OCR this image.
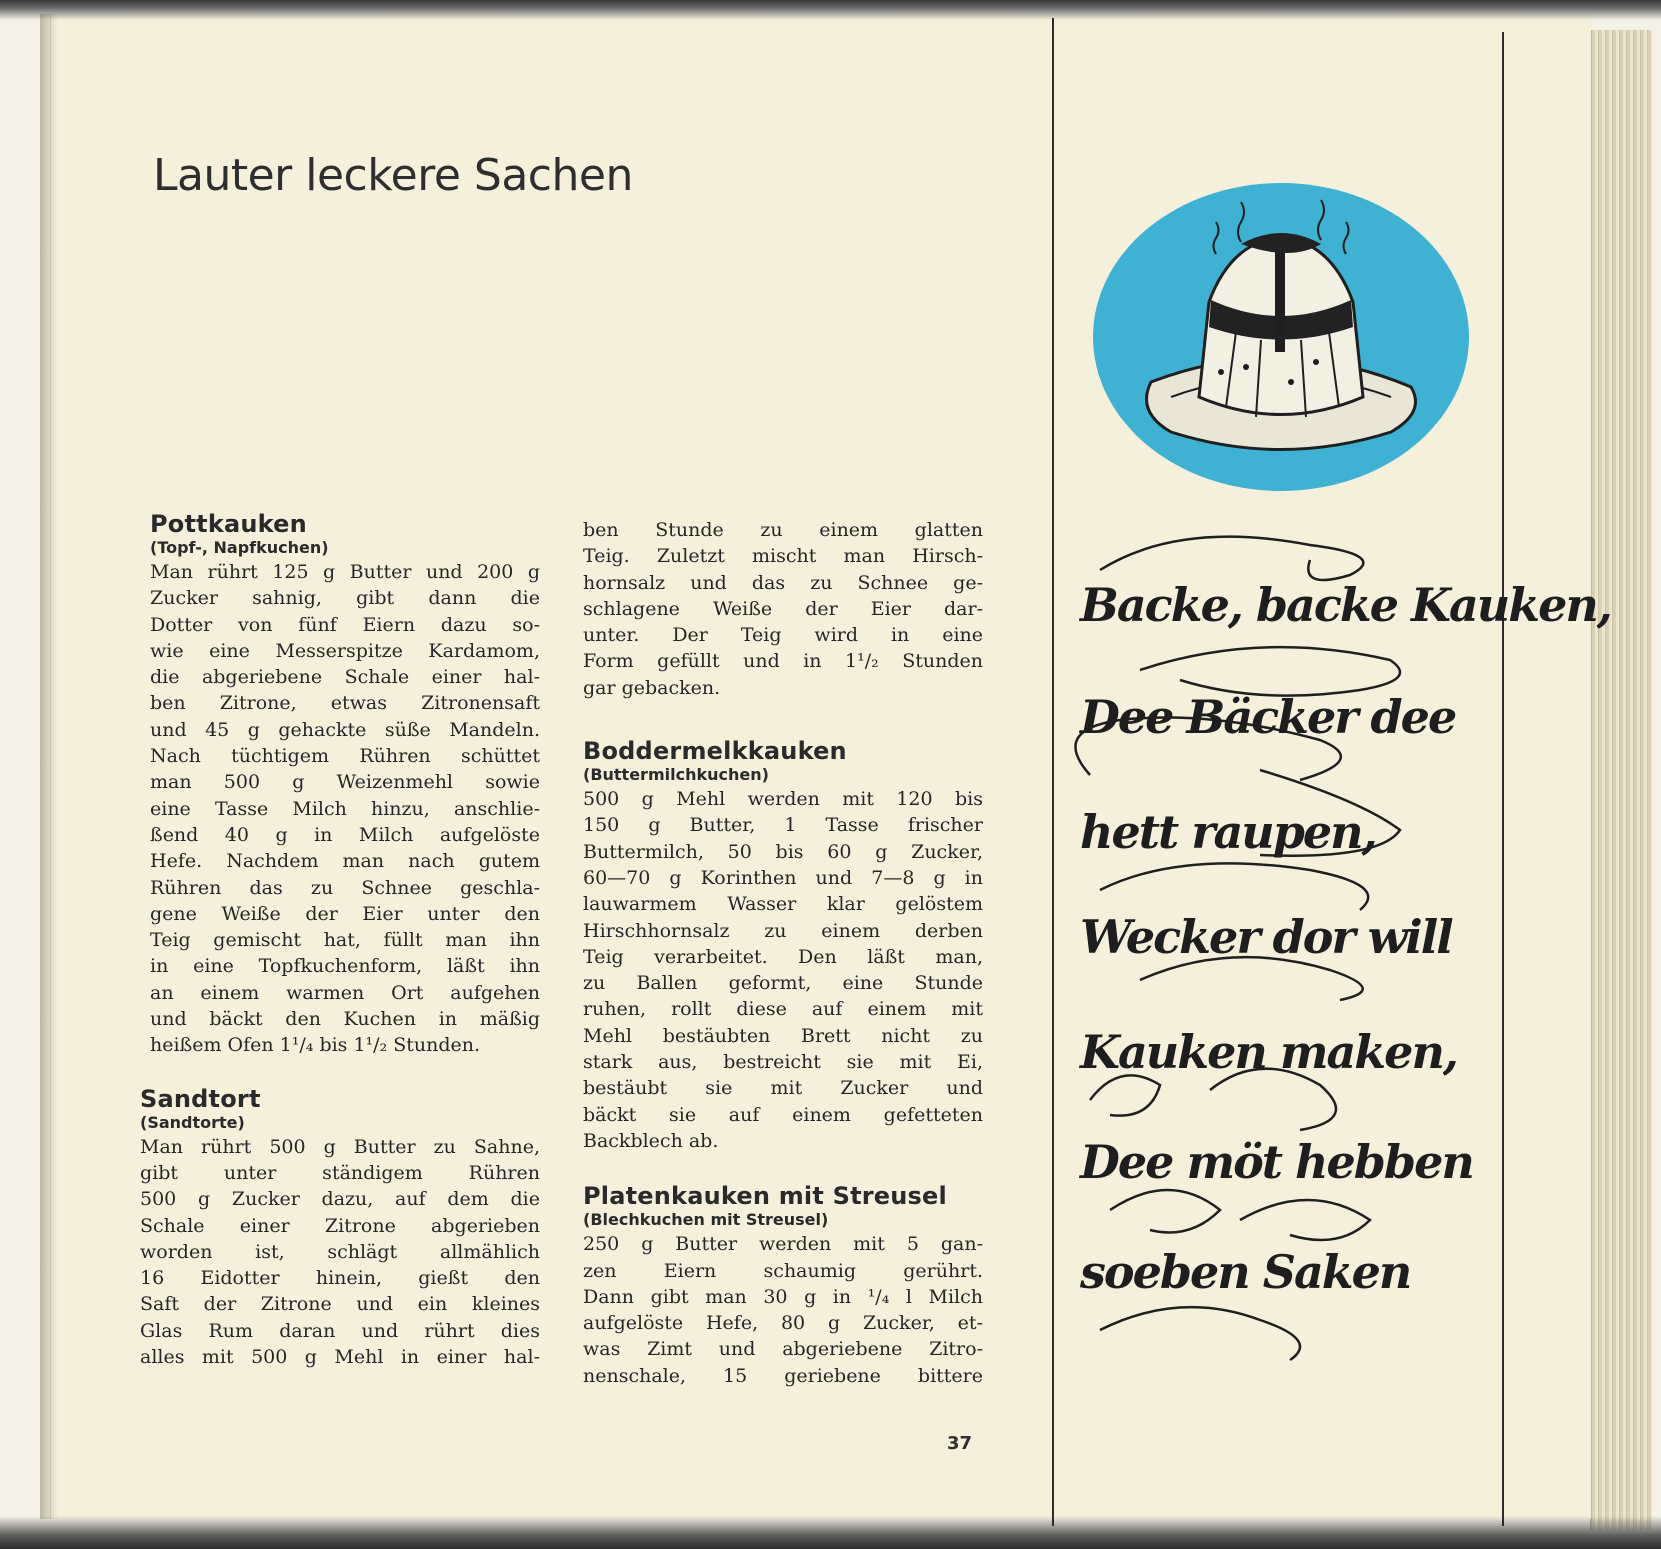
Lauter leckere Sachen
Pottkauken
(Topf-, Napfkuchen)

Man rührt 125 g Butter und 200 g

Zucker sahnig, gibt dann die

Dotter von fünf Eiern dazu so-

wie eine Messerspitze Kardamom,

die abgeriebene Schale einer hal-

ben Zitrone, etwas Zitronensaft

und 45 g gehackte süße Mandeln.

Nach tüchtigem Rühren schüttet

man 500 g Weizenmehl sowie

eine Tasse Milch hinzu, anschlie-

ßend 40 g in Milch aufgelöste

Hefe. Nachdem man nach gutem

Rühren das zu Schnee geschla-

gene Weiße der Eier unter den

Teig gemischt hat, füllt man ihn

in eine Topfkuchenform, läßt ihn

an einem warmen Ort aufgehen

und bäckt den Kuchen in mäßig

heißem Ofen 1¹/₄ bis 1¹/₂ Stunden.

Sandtort
(Sandtorte)

Man rührt 500 g Butter zu Sahne,

gibt unter ständigem Rühren

500 g Zucker dazu, auf dem die

Schale einer Zitrone abgerieben

worden ist, schlägt allmählich

16 Eidotter hinein, gießt den

Saft der Zitrone und ein kleines

Glas Rum daran und rührt dies

alles mit 500 g Mehl in einer hal-

ben Stunde zu einem glatten

Teig. Zuletzt mischt man Hirsch-

hornsalz und das zu Schnee ge-

schlagene Weiße der Eier dar-

unter. Der Teig wird in eine

Form gefüllt und in 1¹/₂ Stunden

gar gebacken.

Boddermelkkauken
(Buttermilchkuchen)

500 g Mehl werden mit 120 bis

150 g Butter, 1 Tasse frischer

Buttermilch, 50 bis 60 g Zucker,

60—70 g Korinthen und 7—8 g in

lauwarmem Wasser klar gelöstem

Hirschhornsalz zu einem derben

Teig verarbeitet. Den läßt man,

zu Ballen geformt, eine Stunde

ruhen, rollt diese auf einem mit

Mehl bestäubten Brett nicht zu

stark aus, bestreicht sie mit Ei,

bestäubt sie mit Zucker und

bäckt sie auf einem gefetteten

Backblech ab.

Platenkauken mit Streusel
(Blechkuchen mit Streusel)

250 g Butter werden mit 5 gan-

zen Eiern schaumig gerührt.

Dann gibt man 30 g in ¹/₄ l Milch

aufgelöste Hefe, 80 g Zucker, et-

was Zimt und abgeriebene Zitro-

nenschale, 15 geriebene bittere

37
Backe, backe Kauken,
Dee Bäcker dee
hett raupen,
Wecker dor will
Kauken maken,
Dee möt hebben
soeben Saken
